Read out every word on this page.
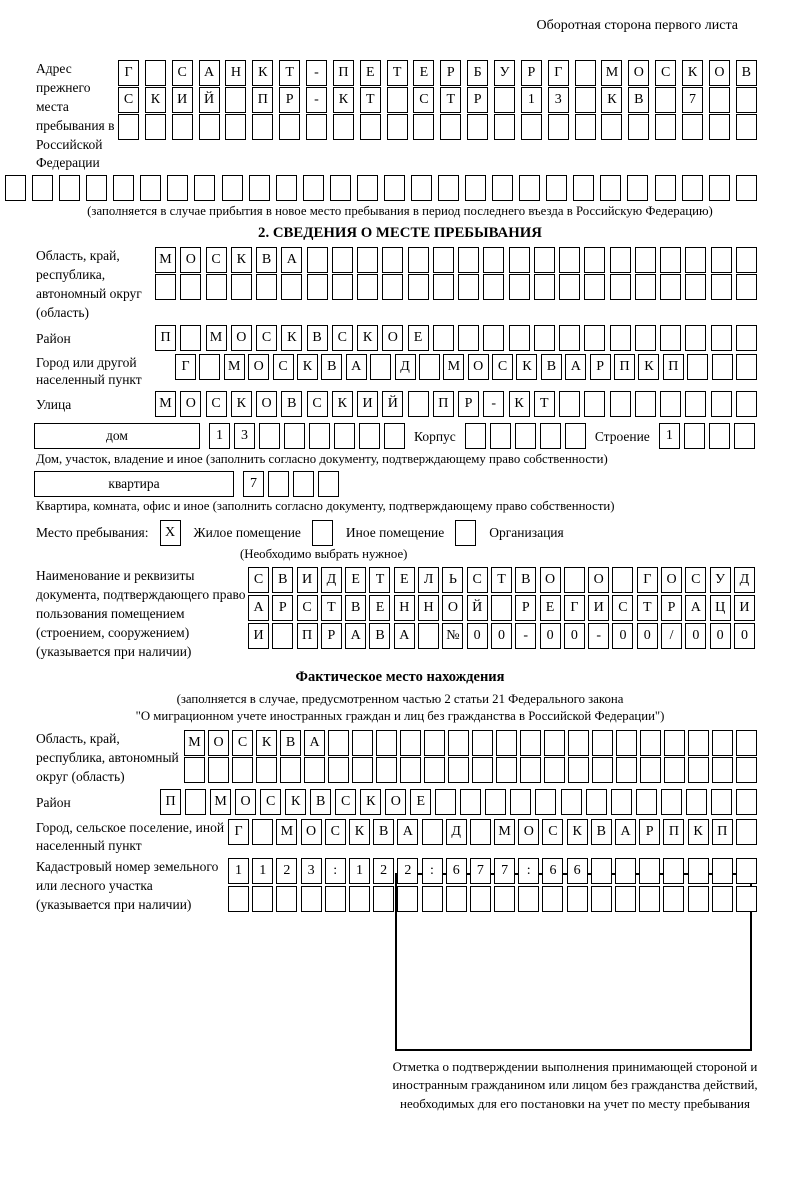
Оборотная сторона первого листа
Адрес прежнего места пребывания в Российской Федерации
Г	С	А	Н	К	Т	-	П	Е	Т	Е	Р	Б	У	Р	Г	М	О	С	К	О	В
С	К	И	Й	П	Р	-	К	Т	С	Т	Р	1	3	К	В	7
(заполняется в случае прибытия в новое место пребывания в период последнего въезда в Российскую Федерацию)
2. СВЕДЕНИЯ О МЕСТЕ ПРЕБЫВАНИЯ
Область, край, республика, автономный округ (область)
М О	С	К	В	А
Район	П	М О	С	К	В	С	К	О	Е
Город или другой населенный пункт
Г	М О	С	К	В	А	Д	М О	С	К	В	А	Р	П	К	П
Улица	М О	С	К	О	В	С	К	И	Й	П	Р	-	К	Т
дом	1	3	Корпус	Строение	1
Дом, участок, владение и иное (заполнить согласно документу, подтверждающему право собственности)
квартира	7
Квартира, комната, офис и иное (заполнить согласно документу, подтверждающему право собственности)
Место пребывания:	X	Жилое помещение	Иное помещение	Организация
(Необходимо выбрать нужное)
Наименование и реквизиты документа, подтверждающего право пользования помещением (строением, сооружением) (указывается при наличии)
С	В	И	Д	Е	Т	Е	Л	Ь	С	Т	В	О	О	Г	О	С	У	Д
А	Р	С	Т	В	Е	Н	Н	О	Й	Р	Е	Г	И	С	Т	Р	А	Ц	И
И	П	Р	А	В	А	№	0	0	-	0	0	-	0	0	/	0	0	0
Фактическое место нахождения
(заполняется в случае, предусмотренном частью 2 статьи 21 Федерального закона
"О миграционном учете иностранных граждан и лиц без гражданства в Российской Федерации")
Область, край, республика, автономный округ (область)
М О	С	К	В	А
Район	П	М О	С	К	В	С	К	О	Е
Город, сельское поселение, иной населенный пункт
Г	М О	С	К	В	А	Д	М О	С	К	В	А	Р	П	К	П
Кадастровый номер земельного или лесного участка (указывается при наличии)
1	1	2	3	:	1	2	2	:	6	7	7	:	6	6
Отметка о подтверждении выполнения принимающей стороной и иностранным гражданином или лицом без гражданства действий, необходимых для его постановки на учет по месту пребывания
